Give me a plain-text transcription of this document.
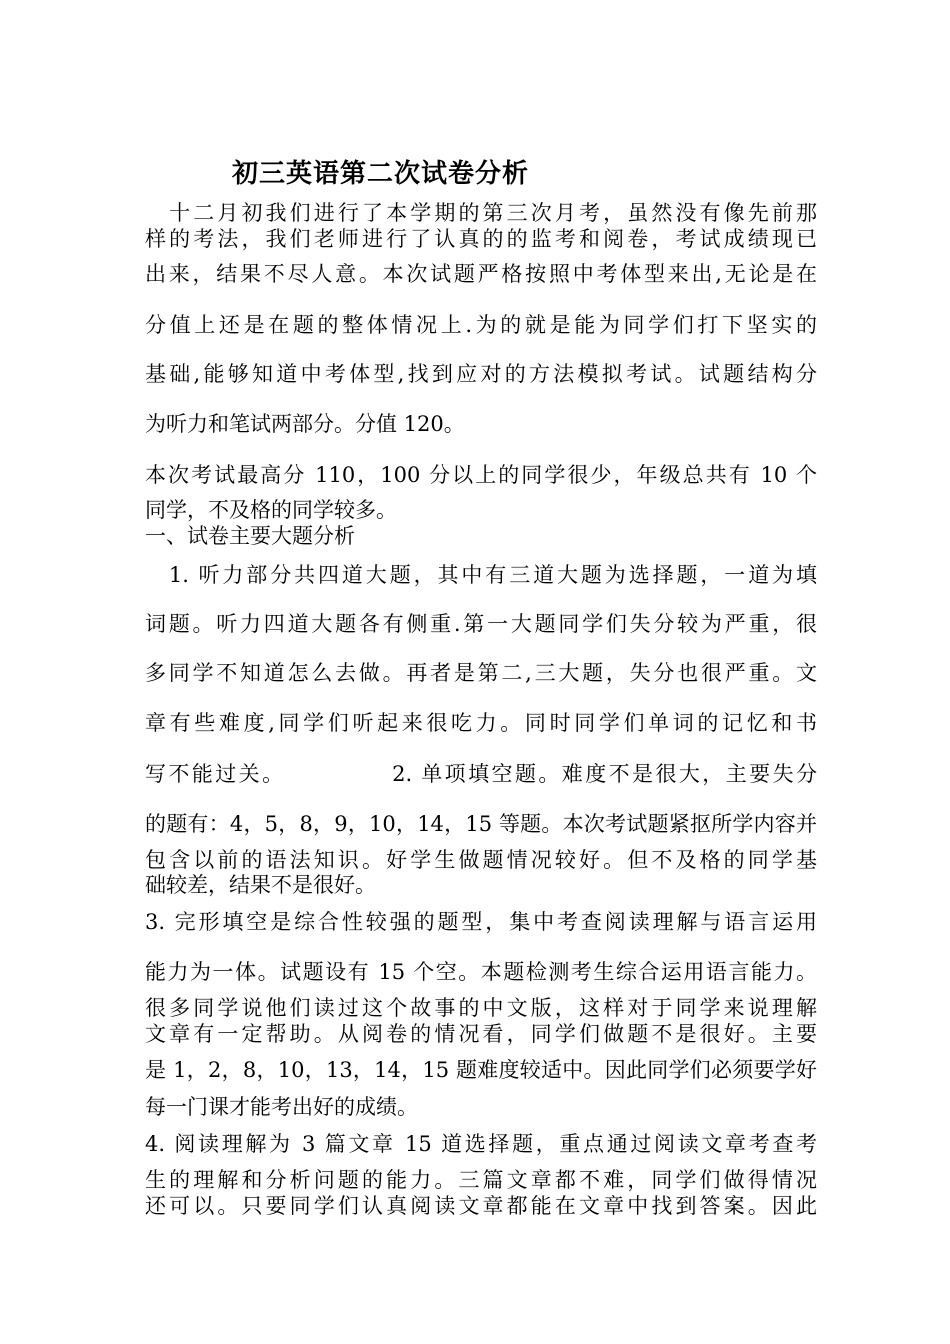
初三英语第二次试卷分析
　十二月初我们进行了本学期的第三次月考，虽然没有像先前那
样的考法，我们老师进行了认真的的监考和阅卷，考试成绩现已
出来，结果不尽人意。本次试题严格按照中考体型来出,无论是在
分值上还是在题的整体情况上.为的就是能为同学们打下坚实的
基础,能够知道中考体型,找到应对的方法模拟考试。试题结构分
为听力和笔试两部分。分值 120。
本次考试最高分 110，100 分以上的同学很少，年级总共有 10 个
同学，不及格的同学较多。
一、试卷主要大题分析
　1. 听力部分共四道大题，其中有三道大题为选择题，一道为填
词题。听力四道大题各有侧重.第一大题同学们失分较为严重，很
多同学不知道怎么去做。再者是第二,三大题，失分也很严重。文
章有些难度,同学们听起来很吃力。同时同学们单词的记忆和书
写不能过关。　　　　　2. 单项填空题。难度不是很大，主要失分
的题有：4，5，8，9，10，14，15 等题。本次考试题紧抠所学内容并
包含以前的语法知识。好学生做题情况较好。但不及格的同学基
础较差，结果不是很好。
3. 完形填空是综合性较强的题型，集中考查阅读理解与语言运用
能力为一体。试题设有 15 个空。本题检测考生综合运用语言能力。
很多同学说他们读过这个故事的中文版，这样对于同学来说理解
文章有一定帮助。从阅卷的情况看，同学们做题不是很好。主要
是 1，2，8，10，13，14，15 题难度较适中。因此同学们必须要学好
每一门课才能考出好的成绩。
4. 阅读理解为 3 篇文章 15 道选择题，重点通过阅读文章考查考
生的理解和分析问题的能力。三篇文章都不难，同学们做得情况
还可以。只要同学们认真阅读文章都能在文章中找到答案。因此
